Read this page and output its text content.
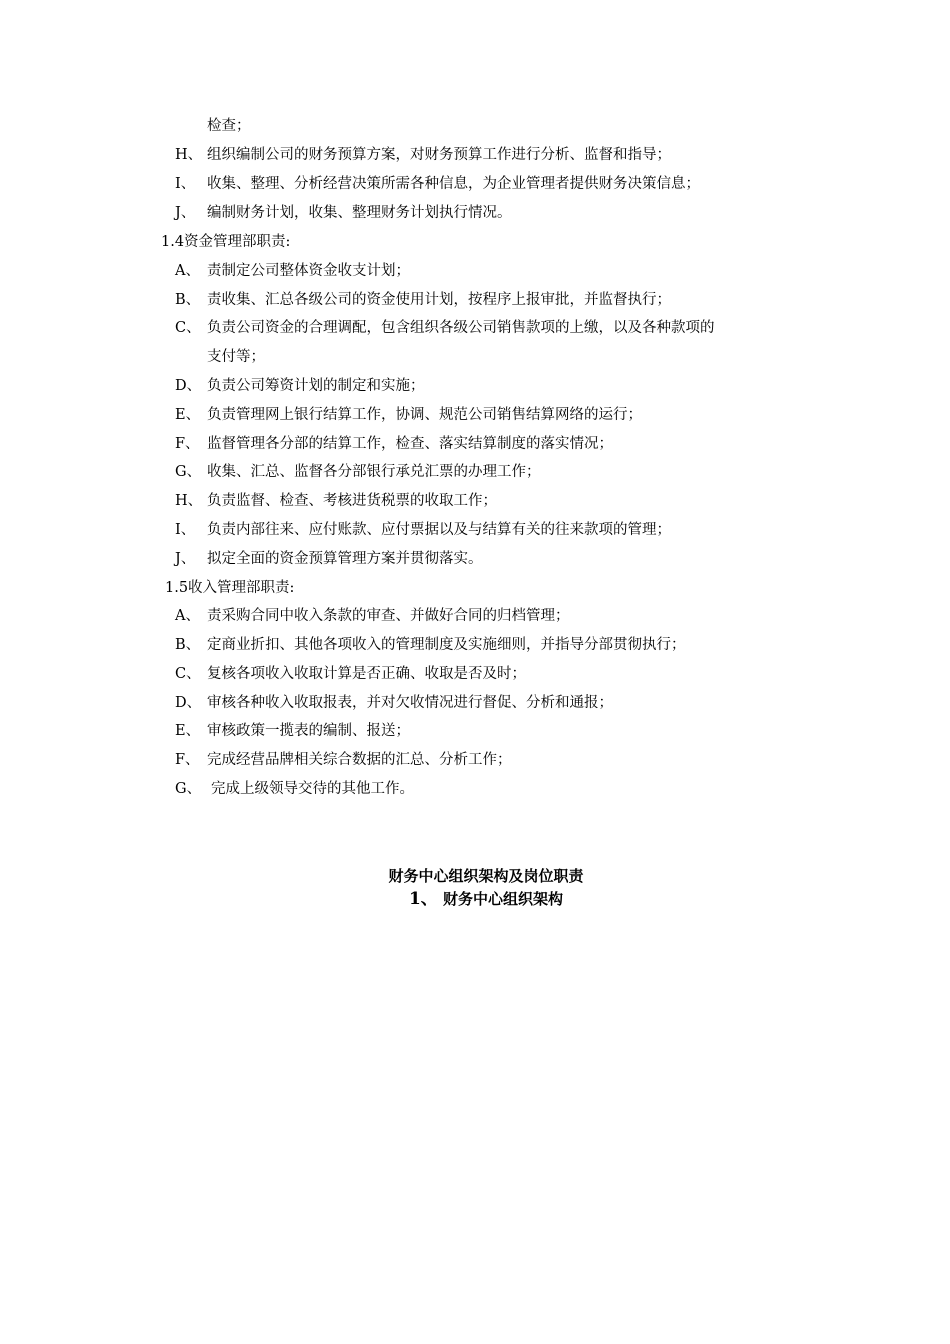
检查；
H、 组织编制公司的财务预算方案，对财务预算工作进行分析、监督和指导；
I、 收集、整理、分析经营决策所需各种信息，为企业管理者提供财务决策信息；
J、 编制财务计划，收集、整理财务计划执行情况。
1.4资金管理部职责:
A、 责制定公司整体资金收支计划；
B、 责收集、汇总各级公司的资金使用计划，按程序上报审批，并监督执行；
C、 负责公司资金的合理调配，包含组织各级公司销售款项的上缴，以及各种款项的
支付等；
D、 负责公司筹资计划的制定和实施；
E、 负责管理网上银行结算工作，协调、规范公司销售结算网络的运行；
F、 监督管理各分部的结算工作，检查、落实结算制度的落实情况；
G、 收集、汇总、监督各分部银行承兑汇票的办理工作；
H、 负责监督、检查、考核进货税票的收取工作；
I、 负责内部往来、应付账款、应付票据以及与结算有关的往来款项的管理；
J、 拟定全面的资金预算管理方案并贯彻落实。
1.5收入管理部职责:
A、 责采购合同中收入条款的审查、并做好合同的归档管理；
B、 定商业折扣、其他各项收入的管理制度及实施细则，并指导分部贯彻执行；
C、 复核各项收入收取计算是否正确、收取是否及时；
D、 审核各种收入收取报表，并对欠收情况进行督促、分析和通报；
E、 审核政策一揽表的编制、报送；
F、 完成经营品牌相关综合数据的汇总、分析工作；
G、 完成上级领导交待的其他工作。
财务中心组织架构及岗位职责
1、 财务中心组织架构
